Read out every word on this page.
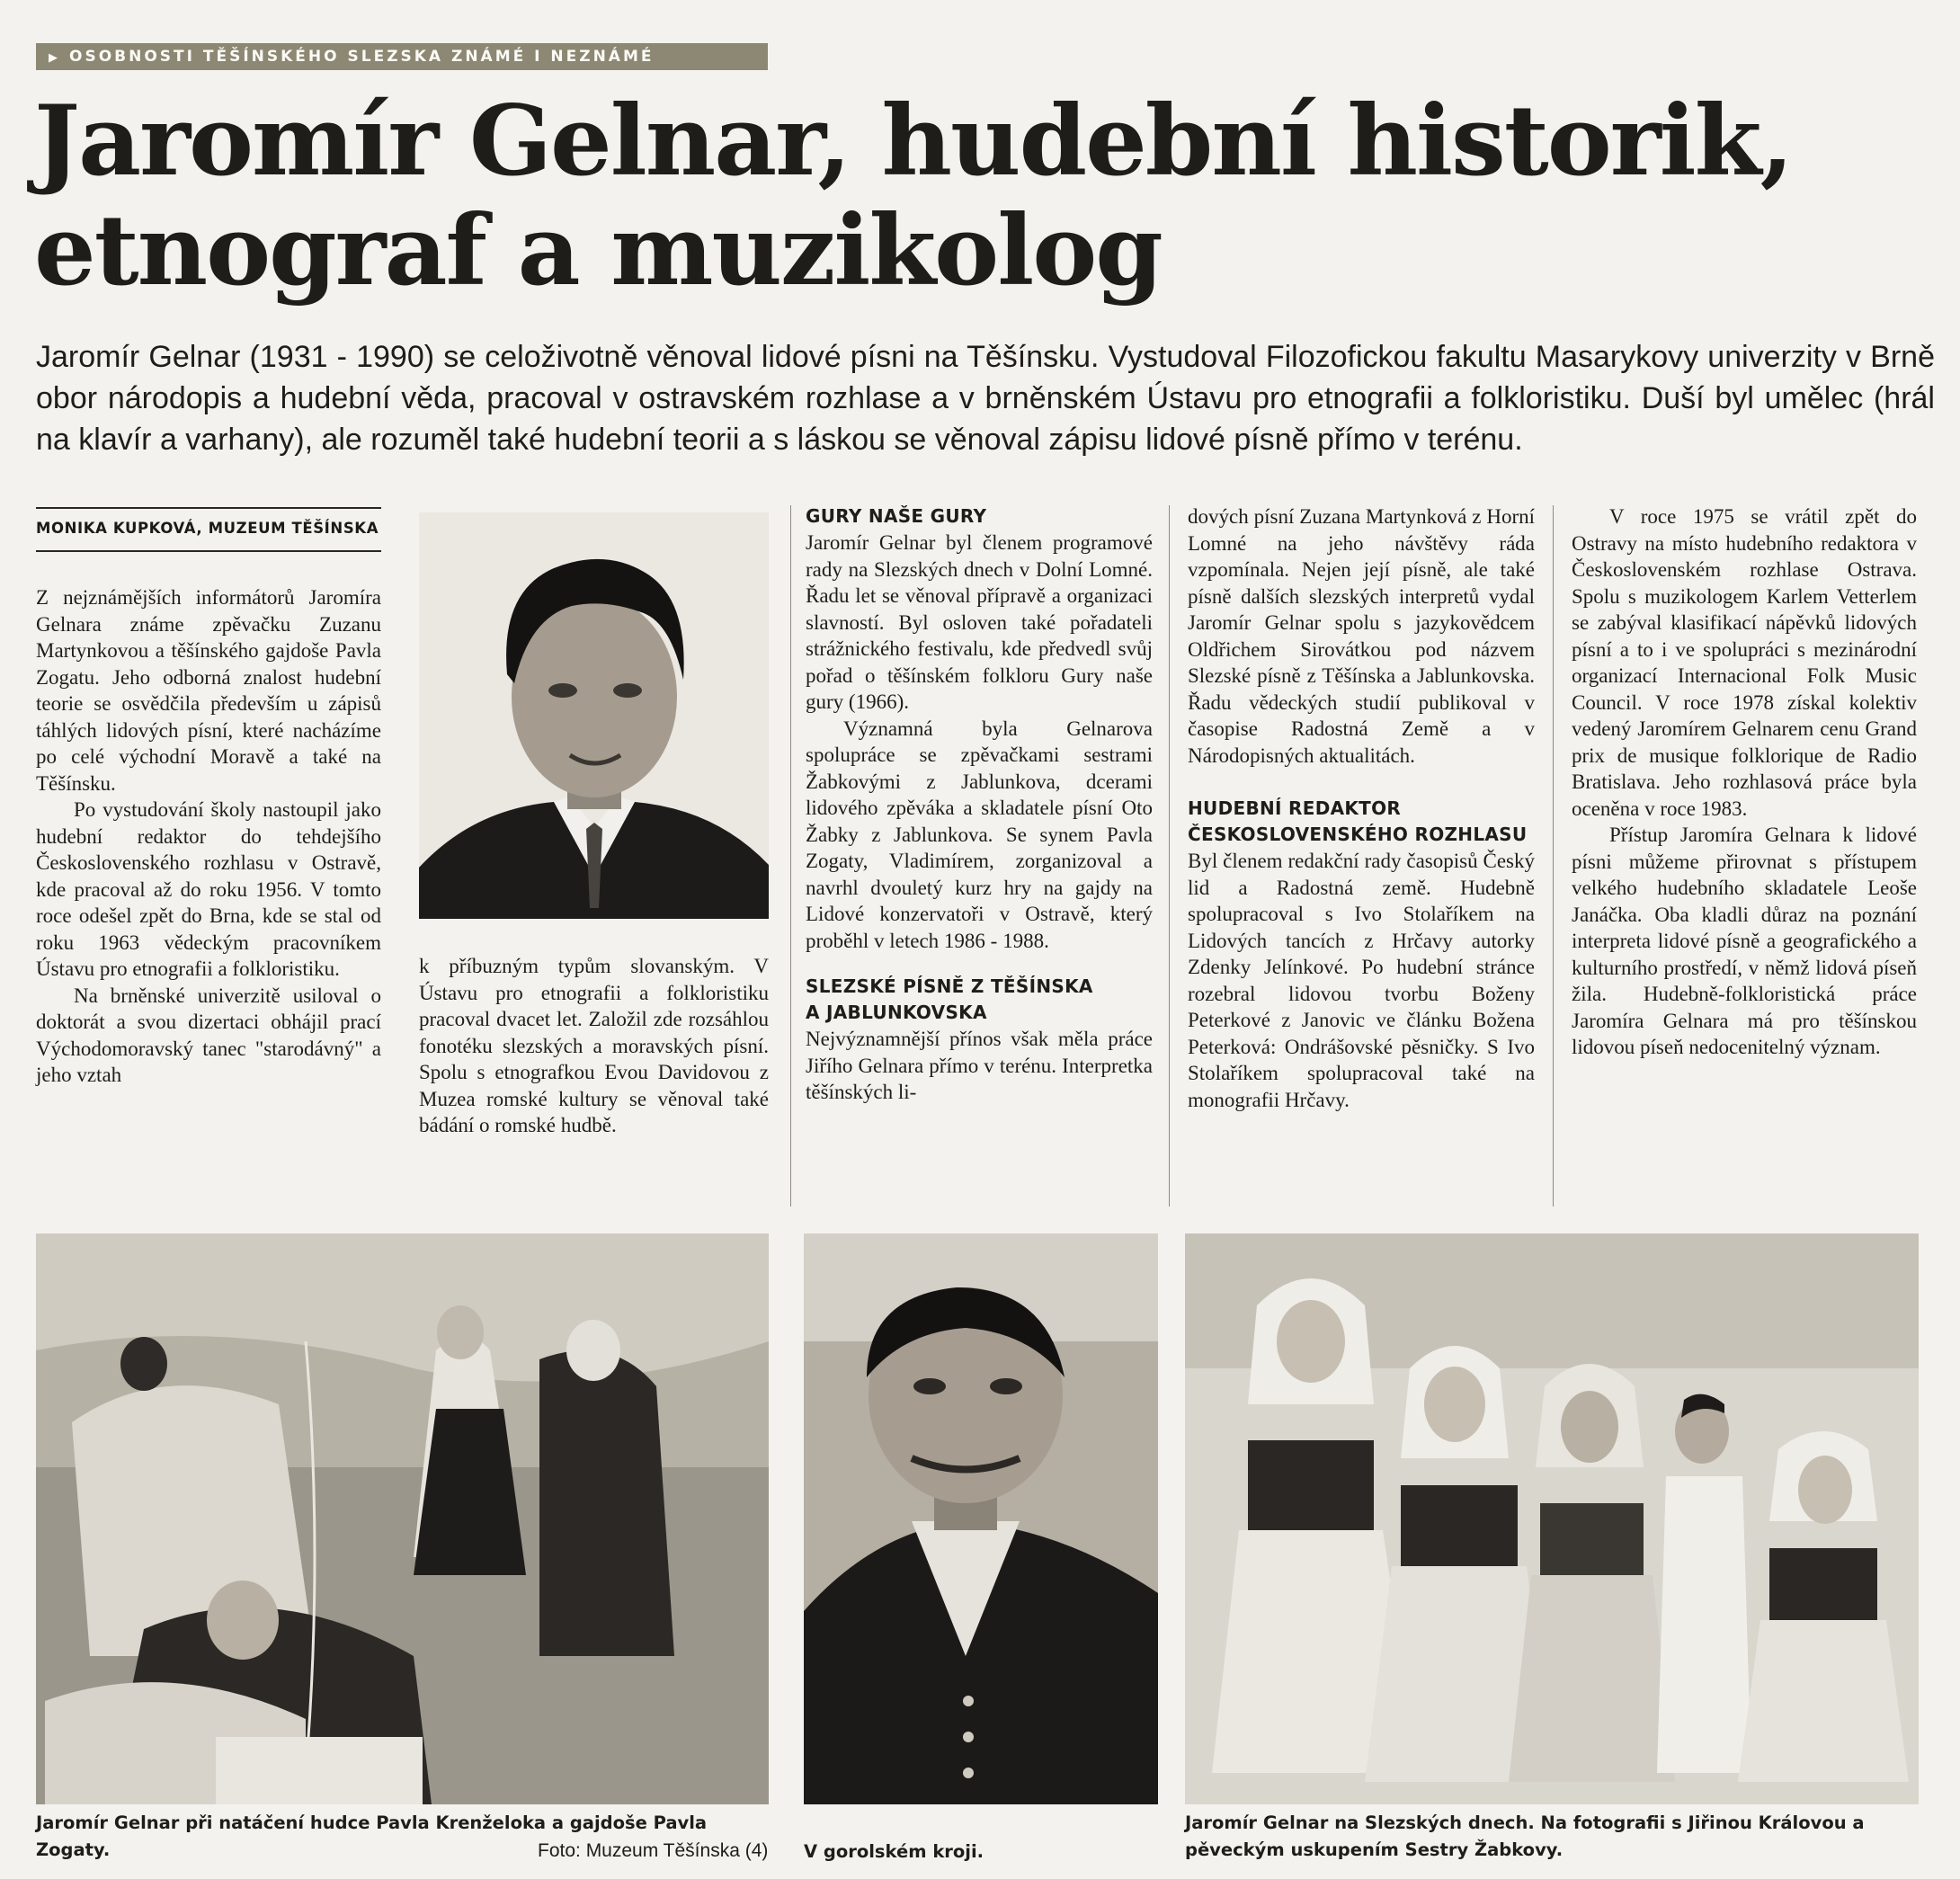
▶ OSOBNOSTI TĚŠÍNSKÉHO SLEZSKA ZNÁMÉ I NEZNÁMÉ
Jaromír Gelnar, hudební historik,
etnograf a muzikolog

Jaromír Gelnar (1931 - 1990) se celoživotně věnoval lidové písni na Těšínsku. Vystudoval Filozofickou fakultu Masarykovy univerzity v Brně obor národopis a hudební věda, pracoval v ostravském rozhlase a v brněnském Ústavu pro etnografii a folkloristiku. Duší byl umělec (hrál na klavír a varhany), ale rozuměl také hudební teorii a s láskou se věnoval zápisu lidové písně přímo v terénu.

MONIKA KUPKOVÁ, MUZEUM TĚŠÍNSKA

Z nejznámějších informátorů Jaromíra Gelnara známe zpěvačku Zuzanu Martynkovou a těšínského gajdoše Pavla Zogatu. Jeho odborná znalost hudební teorie se osvědčila především u zápisů táhlých lidových písní, které nacházíme po celé východní Moravě a také na Těšínsku.

Po vystudování školy nastoupil jako hudební redaktor do tehdejšího Československého rozhlasu v Ostravě, kde pracoval až do roku 1956. V tomto roce odešel zpět do Brna, kde se stal od roku 1963 vědeckým pracovníkem Ústavu pro etnografii a folkloristiku.

Na brněnské univerzitě usiloval o doktorát a svou dizertaci obhájil prací Východomoravský tanec "starodávný" a jeho vztah

k příbuzným typům slovanským. V Ústavu pro etnografii a folkloristiku pracoval dvacet let. Založil zde rozsáhlou fonotéku slezských a moravských písní. Spolu s etnografkou Evou Davidovou z Muzea romské kultury se věnoval také bádání o romské hudbě.

GURY NAŠE GURY

Jaromír Gelnar byl členem programové rady na Slezských dnech v Dolní Lomné. Řadu let se věnoval přípravě a organizaci slavností. Byl osloven také pořadateli strážnického festivalu, kde předvedl svůj pořad o těšínském folkloru Gury naše gury (1966).

Významná byla Gelnarova spolupráce se zpěvačkami sestrami Žabkovými z Jablunkova, dcerami lidového zpěváka a skladatele písní Oto Žabky z Jablunkova. Se synem Pavla Zogaty, Vladimírem, zorganizoval a navrhl dvouletý kurz hry na gajdy na Lidové konzervatoři v Ostravě, který proběhl v letech 1986 - 1988.

SLEZSKÉ PÍSNĚ Z TĚŠÍNSKA
A JABLUNKOVSKA

Nejvýznamnější přínos však měla práce Jiřího Gelnara přímo v terénu. Interpretka těšínských li-

dových písní Zuzana Martynková z Horní Lomné na jeho návštěvy ráda vzpomínala. Nejen její písně, ale také písně dalších slezských interpretů vydal Jaromír Gelnar spolu s jazykovědcem Oldřichem Sirovátkou pod názvem Slezské písně z Těšínska a Jablunkovska. Řadu vědeckých studií publikoval v časopise Radostná Země a v Národopisných aktualitách.

HUDEBNÍ REDAKTOR
ČESKOSLOVENSKÉHO ROZHLASU

Byl členem redakční rady časopisů Český lid a Radostná země. Hudebně spolupracoval s Ivo Stolaříkem na Lidových tancích z Hrčavy autorky Zdenky Jelínkové. Po hudební stránce rozebral lidovou tvorbu Boženy Peterkové z Janovic ve článku Božena Peterková: Ondrášovské pěsničky. S Ivo Stolaříkem spolupracoval také na monografii Hrčavy.

V roce 1975 se vrátil zpět do Ostravy na místo hudebního redaktora v Československém rozhlase Ostrava. Spolu s muzikologem Karlem Vetterlem se zabýval klasifikací nápěvků lidových písní a to i ve spolupráci s mezinárodní organizací Internacional Folk Music Council. V roce 1978 získal kolektiv vedený Jaromírem Gelnarem cenu Grand prix de musique folklorique de Radio Bratislava. Jeho rozhlasová práce byla oceněna v roce 1983.

Přístup Jaromíra Gelnara k lidové písni můžeme přirovnat s přístupem velkého hudebního skladatele Leoše Janáčka. Oba kladli důraz na poznání interpreta lidové písně a geografického a kulturního prostředí, v němž lidová píseň žila. Hudebně-folkloristická práce Jaromíra Gelnara má pro těšínskou lidovou píseň nedocenitelný význam.

Jaromír Gelnar při natáčení hudce Pavla Krenželoka a gajdoše Pavla Zogaty.	Foto: Muzeum Těšínska (4) V gorolském kroji.

Jaromír Gelnar na Slezských dnech. Na fotografii s Jiřinou Královou a pěveckým uskupením Sestry Žabkovy.
